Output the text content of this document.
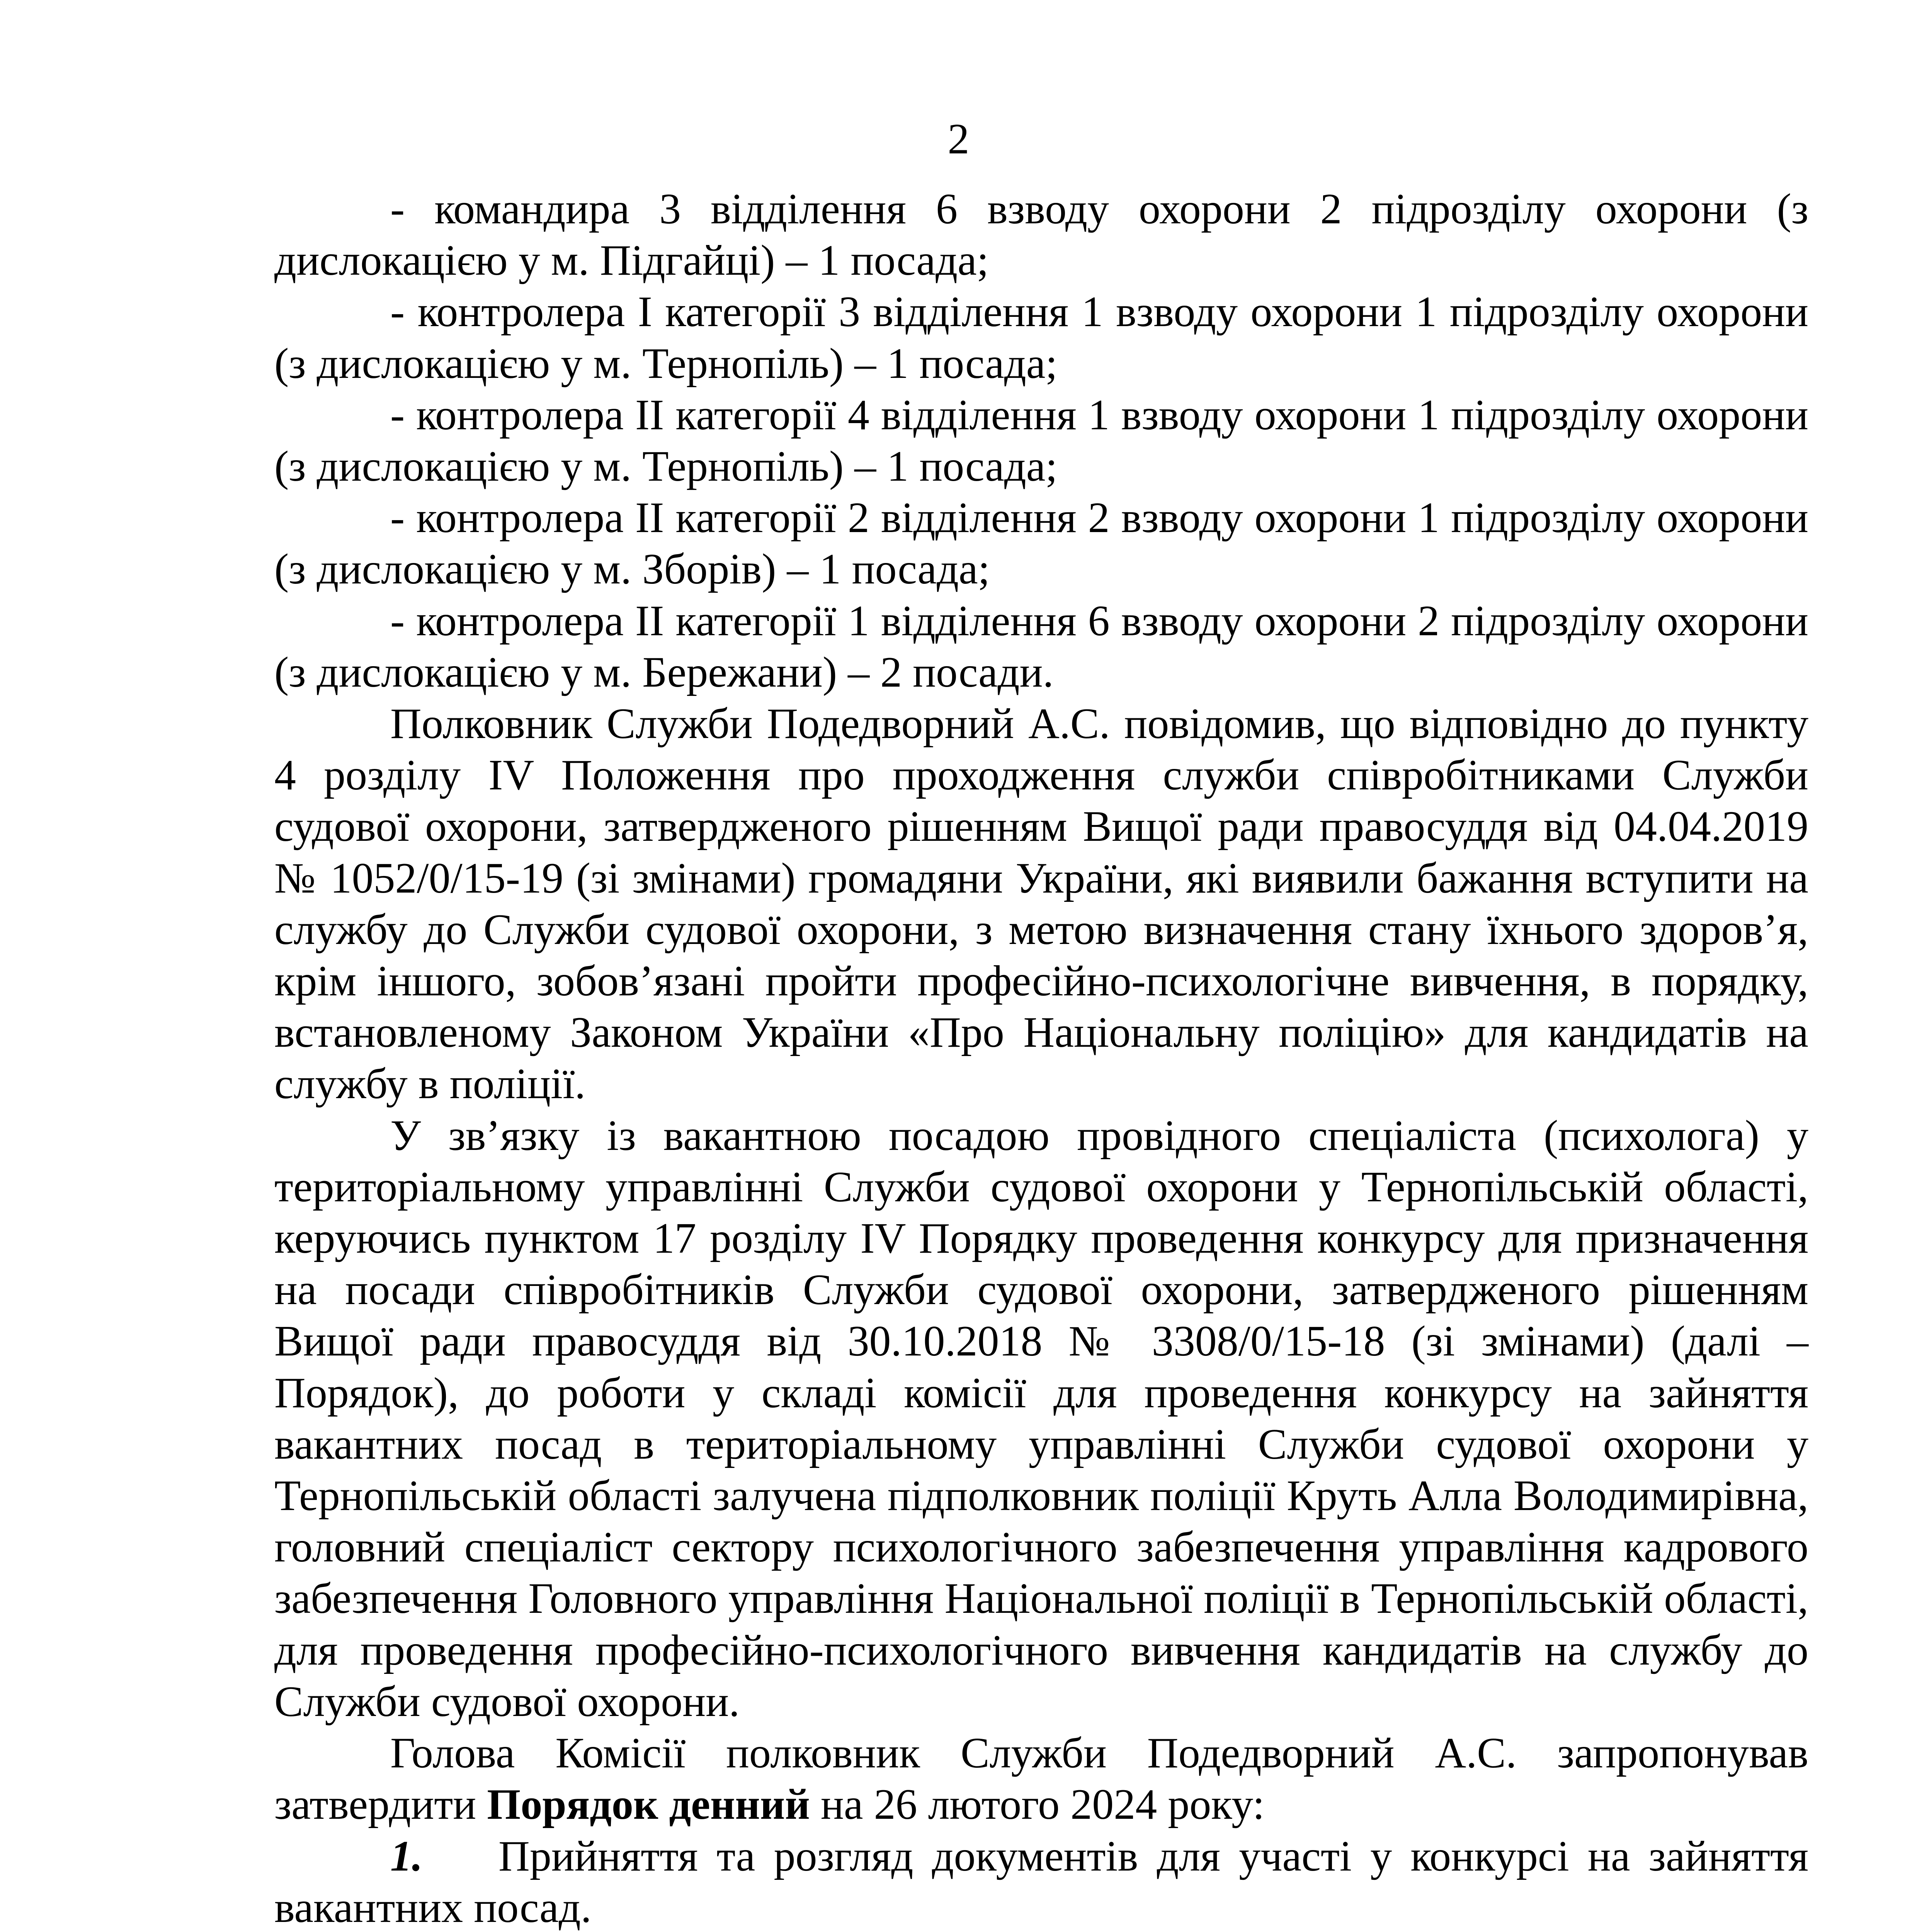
2

- командира 3 відділення 6 взводу охорони 2 підрозділу охорони (з дислокацією у м. Підгайці) – 1 посада;

- контролера І категорії 3 відділення 1 взводу охорони 1 підрозділу охорони (з дислокацією у м. Тернопіль) – 1 посада;

- контролера ІІ категорії 4 відділення 1 взводу охорони 1 підрозділу охорони (з дислокацією у м. Тернопіль) – 1 посада;

- контролера ІІ категорії 2 відділення 2 взводу охорони 1 підрозділу охорони (з дислокацією у м. Зборів) – 1 посада;

- контролера ІІ категорії 1 відділення 6 взводу охорони 2 підрозділу охорони (з дислокацією у м. Бережани) – 2 посади.

Полковник Служби Подедворний А.С. повідомив, що відповідно до пункту 4 розділу IV Положення про проходження служби співробітниками Служби судової охорони, затвердженого рішенням Вищої ради правосуддя від 04.04.2019 № 1052/0/15-19 (зі змінами) громадяни України, які виявили бажання вступити на службу до Служби судової охорони, з метою визначення стану їхнього здоров’я, крім іншого, зобов’язані пройти професійно-психологічне вивчення, в порядку, встановленому Законом України «Про Національну поліцію» для кандидатів на службу в поліції.

У зв’язку із вакантною посадою провідного спеціаліста (психолога) у територіальному управлінні Служби судової охорони у Тернопільській області, керуючись пунктом 17 розділу IV Порядку проведення конкурсу для призначення на посади співробітників Служби судової охорони, затвердженого рішенням Вищої ради правосуддя від 30.10.2018 № 3308/0/15-18 (зі змінами) (далі – Порядок), до роботи у складі комісії для проведення конкурсу на зайняття вакантних посад в територіальному управлінні Служби судової охорони у Тернопільській області залучена підполковник поліції Круть Алла Володимирівна, головний спеціаліст сектору психологічного забезпечення управління кадрового забезпечення Головного управління Національної поліції в Тернопільській області, для проведення професійно-психологічного вивчення кандидатів на службу до Служби судової охорони.

Голова Комісії полковник Служби Подедворний А.С. запропонував затвердити Порядок денний на 26 лютого 2024 року:

1. Прийняття та розгляд документів для участі у конкурсі на зайняття вакантних посад.
